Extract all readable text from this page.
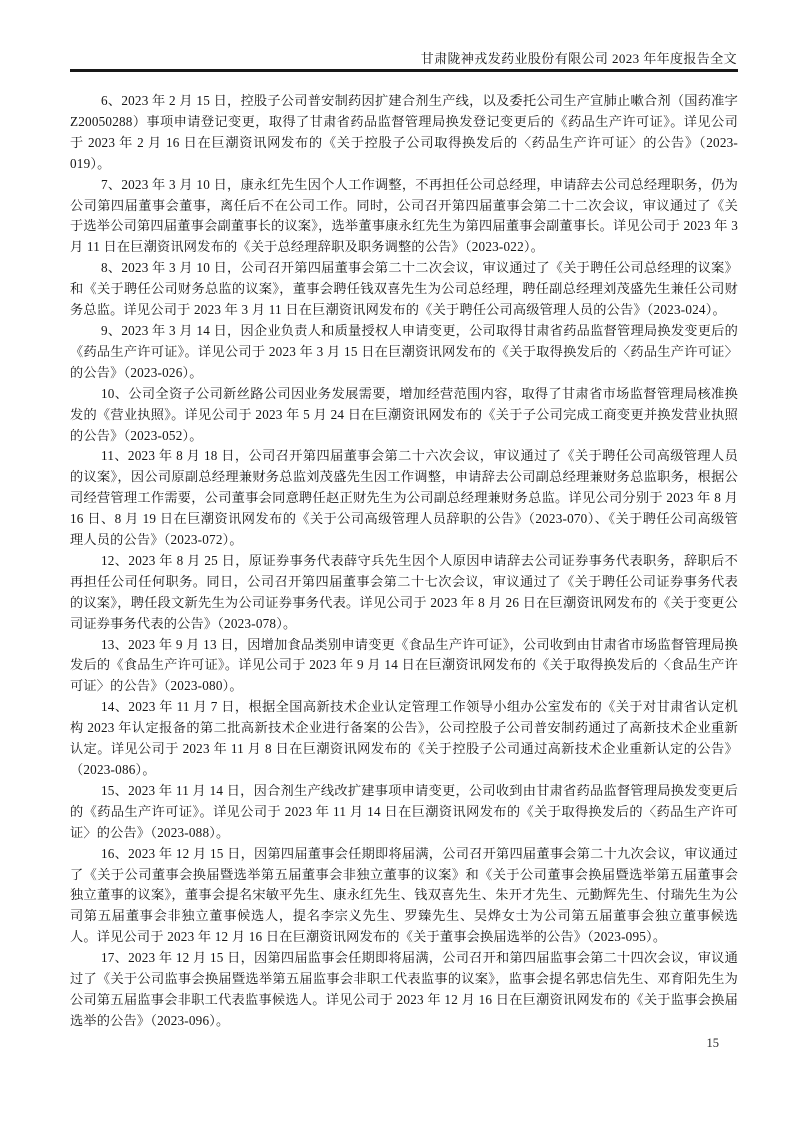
甘肃陇神戎发药业股份有限公司 2023 年年度报告全文

6、2023 年 2 月 15 日，控股子公司普安制药因扩建合剂生产线，以及委托公司生产宣肺止嗽合剂（国药准字Z20050288）事项申请登记变更，取得了甘肃省药品监督管理局换发登记变更后的《药品生产许可证》。详见公司于 2023 年 2 月 16 日在巨潮资讯网发布的《关于控股子公司取得换发后的〈药品生产许可证〉的公告》（2023-019）。

7、2023 年 3 月 10 日，康永红先生因个人工作调整，不再担任公司总经理，申请辞去公司总经理职务，仍为公司第四届董事会董事，离任后不在公司工作。同时，公司召开第四届董事会第二十二次会议，审议通过了《关于选举公司第四届董事会副董事长的议案》，选举董事康永红先生为第四届董事会副董事长。详见公司于 2023 年 3 月 11 日在巨潮资讯网发布的《关于总经理辞职及职务调整的公告》（2023-022）。

8、2023 年 3 月 10 日，公司召开第四届董事会第二十二次会议，审议通过了《关于聘任公司总经理的议案》和《关于聘任公司财务总监的议案》，董事会聘任钱双喜先生为公司总经理，聘任副总经理刘茂盛先生兼任公司财务总监。详见公司于 2023 年 3 月 11 日在巨潮资讯网发布的《关于聘任公司高级管理人员的公告》（2023-024）。

9、2023 年 3 月 14 日，因企业负责人和质量授权人申请变更，公司取得甘肃省药品监督管理局换发变更后的《药品生产许可证》。详见公司于 2023 年 3 月 15 日在巨潮资讯网发布的《关于取得换发后的〈药品生产许可证〉的公告》（2023-026）。

10、公司全资子公司新丝路公司因业务发展需要，增加经营范围内容，取得了甘肃省市场监督管理局核准换发的《营业执照》。详见公司于 2023 年 5 月 24 日在巨潮资讯网发布的《关于子公司完成工商变更并换发营业执照的公告》（2023-052）。

11、2023 年 8 月 18 日，公司召开第四届董事会第二十六次会议，审议通过了《关于聘任公司高级管理人员的议案》，因公司原副总经理兼财务总监刘茂盛先生因工作调整，申请辞去公司副总经理兼财务总监职务，根据公司经营管理工作需要，公司董事会同意聘任赵正财先生为公司副总经理兼财务总监。详见公司分别于 2023 年 8 月 16 日、8 月 19 日在巨潮资讯网发布的《关于公司高级管理人员辞职的公告》（2023-070）、《关于聘任公司高级管理人员的公告》（2023-072）。

12、2023 年 8 月 25 日，原证券事务代表薛守兵先生因个人原因申请辞去公司证券事务代表职务，辞职后不再担任公司任何职务。同日，公司召开第四届董事会第二十七次会议，审议通过了《关于聘任公司证券事务代表的议案》，聘任段文新先生为公司证券事务代表。详见公司于 2023 年 8 月 26 日在巨潮资讯网发布的《关于变更公司证券事务代表的公告》（2023-078）。

13、2023 年 9 月 13 日，因增加食品类别申请变更《食品生产许可证》，公司收到由甘肃省市场监督管理局换发后的《食品生产许可证》。详见公司于 2023 年 9 月 14 日在巨潮资讯网发布的《关于取得换发后的〈食品生产许可证〉的公告》（2023-080）。

14、2023 年 11 月 7 日，根据全国高新技术企业认定管理工作领导小组办公室发布的《关于对甘肃省认定机构 2023 年认定报备的第二批高新技术企业进行备案的公告》，公司控股子公司普安制药通过了高新技术企业重新认定。详见公司于 2023 年 11 月 8 日在巨潮资讯网发布的《关于控股子公司通过高新技术企业重新认定的公告》（2023-086）。

15、2023 年 11 月 14 日，因合剂生产线改扩建事项申请变更，公司收到由甘肃省药品监督管理局换发变更后的《药品生产许可证》。详见公司于 2023 年 11 月 14 日在巨潮资讯网发布的《关于取得换发后的〈药品生产许可证〉的公告》（2023-088）。

16、2023 年 12 月 15 日，因第四届董事会任期即将届满，公司召开第四届董事会第二十九次会议，审议通过了《关于公司董事会换届暨选举第五届董事会非独立董事的议案》和《关于公司董事会换届暨选举第五届董事会独立董事的议案》，董事会提名宋敏平先生、康永红先生、钱双喜先生、朱开才先生、元勤辉先生、付瑞先生为公司第五届董事会非独立董事候选人，提名李宗义先生、罗臻先生、吴烨女士为公司第五届董事会独立董事候选人。详见公司于 2023 年 12 月 16 日在巨潮资讯网发布的《关于董事会换届选举的公告》（2023-095）。

17、2023 年 12 月 15 日，因第四届监事会任期即将届满，公司召开和第四届监事会第二十四次会议，审议通过了《关于公司监事会换届暨选举第五届监事会非职工代表监事的议案》，监事会提名郭忠信先生、邓育阳先生为公司第五届监事会非职工代表监事候选人。详见公司于 2023 年 12 月 16 日在巨潮资讯网发布的《关于监事会换届选举的公告》（2023-096）。

15
